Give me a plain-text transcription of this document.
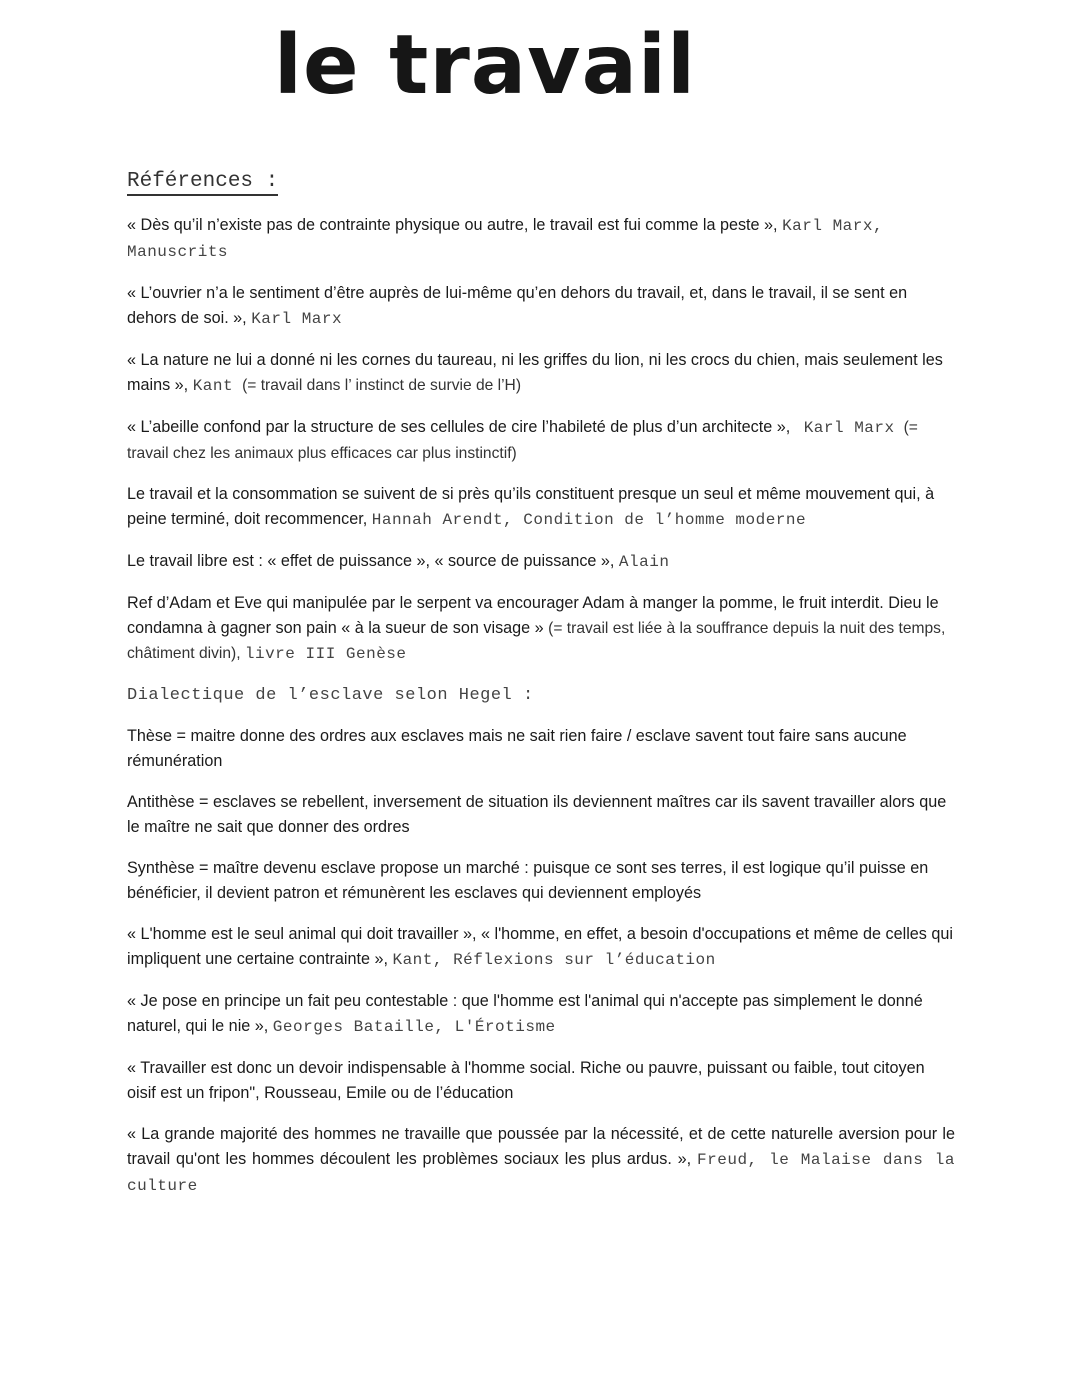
le travail
Références :

« Dès qu’il n’existe pas de contrainte physique ou autre, le travail est fui comme la peste », Karl Marx, Manuscrits

« L’ouvrier n’a le sentiment d’être auprès de lui-même qu’en dehors du travail, et, dans le travail, il se sent en dehors de soi. », Karl Marx

« La nature ne lui a donné ni les cornes du taureau, ni les griffes du lion, ni les crocs du chien, mais seulement les mains », Kant (= travail dans l’ instinct de survie de l’H)

« L’abeille confond par la structure de ses cellules de cire l’habileté de plus d’un architecte »,   Karl Marx (= travail chez les animaux plus efficaces car plus instinctif)

Le travail et la consommation se suivent de si près qu’ils constituent presque un seul et même mouvement qui, à peine terminé, doit recommencer, Hannah Arendt, Condition de l’homme moderne

Le travail libre est : « effet de puissance », « source de puissance », Alain

Ref d’Adam et Eve qui manipulée par le serpent va encourager Adam à manger la pomme, le fruit interdit. Dieu le condamna à gagner son pain « à la sueur de son visage » (= travail est liée à la souffrance depuis la nuit des temps, châtiment divin), livre III Genèse

Dialectique de l’esclave selon Hegel :

Thèse = maitre donne des ordres aux esclaves mais ne sait rien faire / esclave savent tout faire sans aucune rémunération

Antithèse = esclaves se rebellent, inversement de situation ils deviennent maîtres car ils savent travailler alors que le maître ne sait que donner des ordres

Synthèse = maître devenu esclave propose un marché : puisque ce sont ses terres, il est logique qu’il puisse en bénéficier, il devient patron et rémunèrent les esclaves qui deviennent employés

« L'homme est le seul animal qui doit travailler », « l'homme, en effet, a besoin d'occupations et même de celles qui impliquent une certaine contrainte », Kant, Réflexions sur l’éducation

« Je pose en principe un fait peu contestable : que l'homme est l'animal qui n'accepte pas simplement le donné naturel, qui le nie », Georges Bataille, L'Érotisme

« Travailler est donc un devoir indispensable à l'homme social. Riche ou pauvre, puissant ou faible, tout citoyen oisif est un fripon", Rousseau, Emile ou de l’éducation

« La grande majorité des hommes ne travaille que poussée par la nécessité, et de cette naturelle aversion pour le travail qu'ont les hommes découlent les problèmes sociaux les plus ardus. », Freud, le Malaise dans la culture
